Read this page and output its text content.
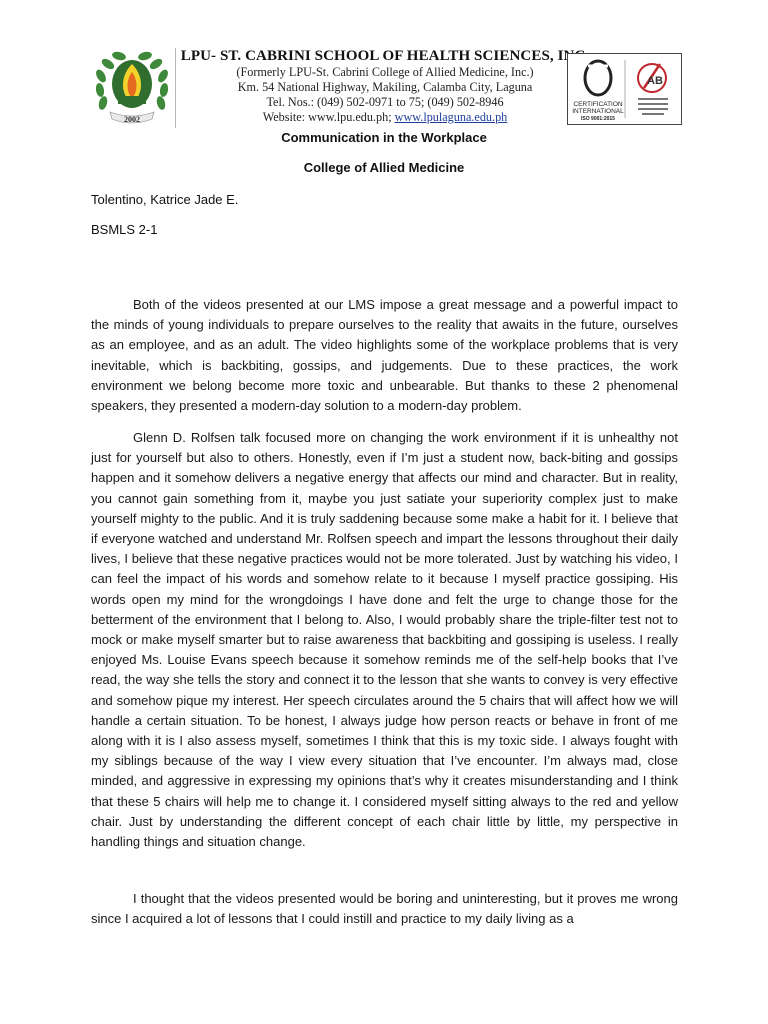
2002
LPU- ST. CABRINI SCHOOL OF HEALTH SCIENCES, INC.
(Formerly LPU-St. Cabrini College of Allied Medicine, Inc.)
Km. 54 National Highway, Makiling, Calamba City, Laguna
Tel. Nos.: (049) 502-0971 to 75; (049) 502-8946
Website: www.lpu.edu.ph; www.lpulaguna.edu.ph
CERTIFICATION
INTERNATIONAL
ISO 9001:2015
AB
Communication in the Workplace
College of Allied Medicine
Tolentino, Katrice Jade E.
BSMLS 2-1

Both of the videos presented at our LMS impose a great message and a powerful impact to the minds of young individuals to prepare ourselves to the reality that awaits in the future, ourselves as an employee, and as an adult. The video highlights some of the workplace problems that is very inevitable, which is backbiting, gossips, and judgements. Due to these practices, the work environment we belong become more toxic and unbearable. But thanks to these 2 phenomenal speakers, they presented a modern-day solution to a modern-day problem.

Glenn D. Rolfsen talk focused more on changing the work environment if it is unhealthy not just for yourself but also to others. Honestly, even if I’m just a student now, back-biting and gossips happen and it somehow delivers a negative energy that affects our mind and character. But in reality, you cannot gain something from it, maybe you just satiate your superiority complex just to make yourself mighty to the public. And it is truly saddening because some make a habit for it. I believe that if everyone watched and understand Mr. Rolfsen speech and impart the lessons throughout their daily lives, I believe that these negative practices would not be more tolerated. Just by watching his video, I can feel the impact of his words and somehow relate to it because I myself practice gossiping. His words open my mind for the wrongdoings I have done and felt the urge to change those for the betterment of the environment that I belong to. Also, I would probably share the triple-filter test not to mock or make myself smarter but to raise awareness that backbiting and gossiping is useless. I really enjoyed Ms. Louise Evans speech because it somehow reminds me of the self-help books that I’ve read, the way she tells the story and connect it to the lesson that she wants to convey is very effective and somehow pique my interest. Her speech circulates around the 5 chairs that will affect how we will handle a certain situation. To be honest, I always judge how person reacts or behave in front of me along with it is I also assess myself, sometimes I think that this is my toxic side. I always fought with my siblings because of the way I view every situation that I’ve encounter. I’m always mad, close minded, and aggressive in expressing my opinions that’s why it creates misunderstanding and I think that these 5 chairs will help me to change it. I considered myself sitting always to the red and yellow chair. Just by understanding the different concept of each chair little by little, my perspective in handling things and situation change.

I thought that the videos presented would be boring and uninteresting, but it proves me wrong since I acquired a lot of lessons that I could instill and practice to my daily living as a
